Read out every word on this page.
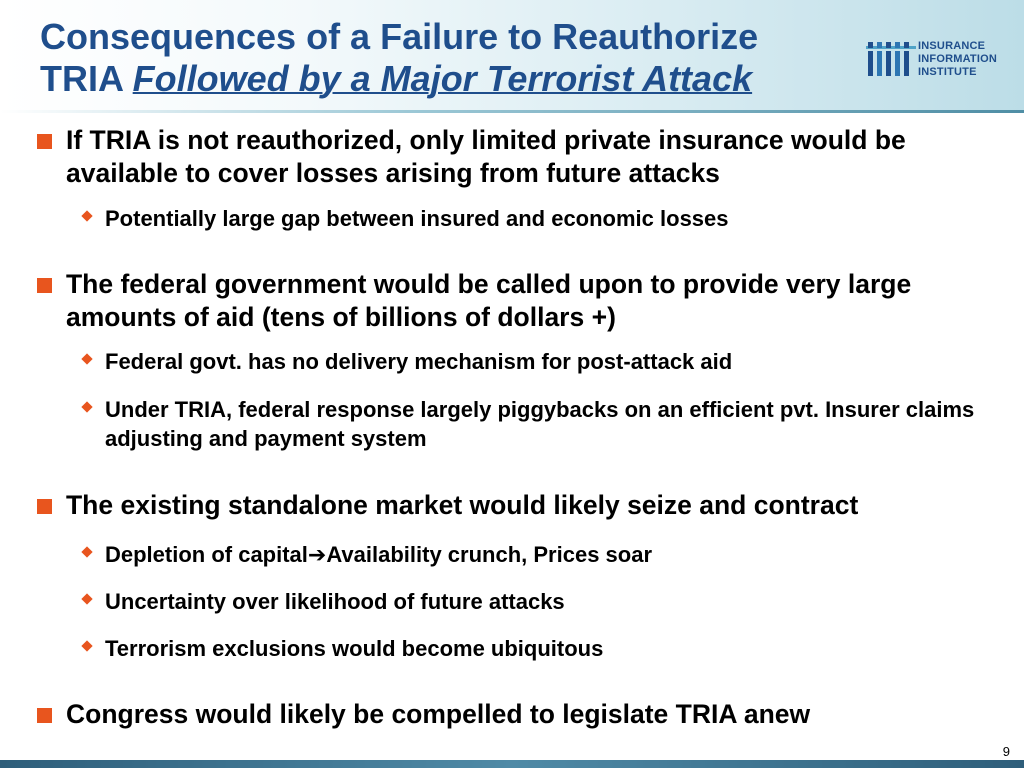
Consequences of a Failure to Reauthorize
TRIA Followed by a Major Terrorist Attack
INSURANCE
INFORMATION
INSTITUTE
If TRIA is not reauthorized, only limited private insurance would be available to cover losses arising from future attacks
Potentially large gap between insured and economic losses
The federal government would be called upon to provide very large amounts of aid (tens of billions of dollars +)
Federal govt. has no delivery mechanism for post-attack aid
Under TRIA, federal response largely piggybacks on an efficient pvt. Insurer claims adjusting and payment system
The existing standalone market would likely seize and contract
Depletion of capital➔Availability crunch, Prices soar
Uncertainty over likelihood of future attacks
Terrorism exclusions would become ubiquitous
Congress would likely be compelled to legislate TRIA anew
9
